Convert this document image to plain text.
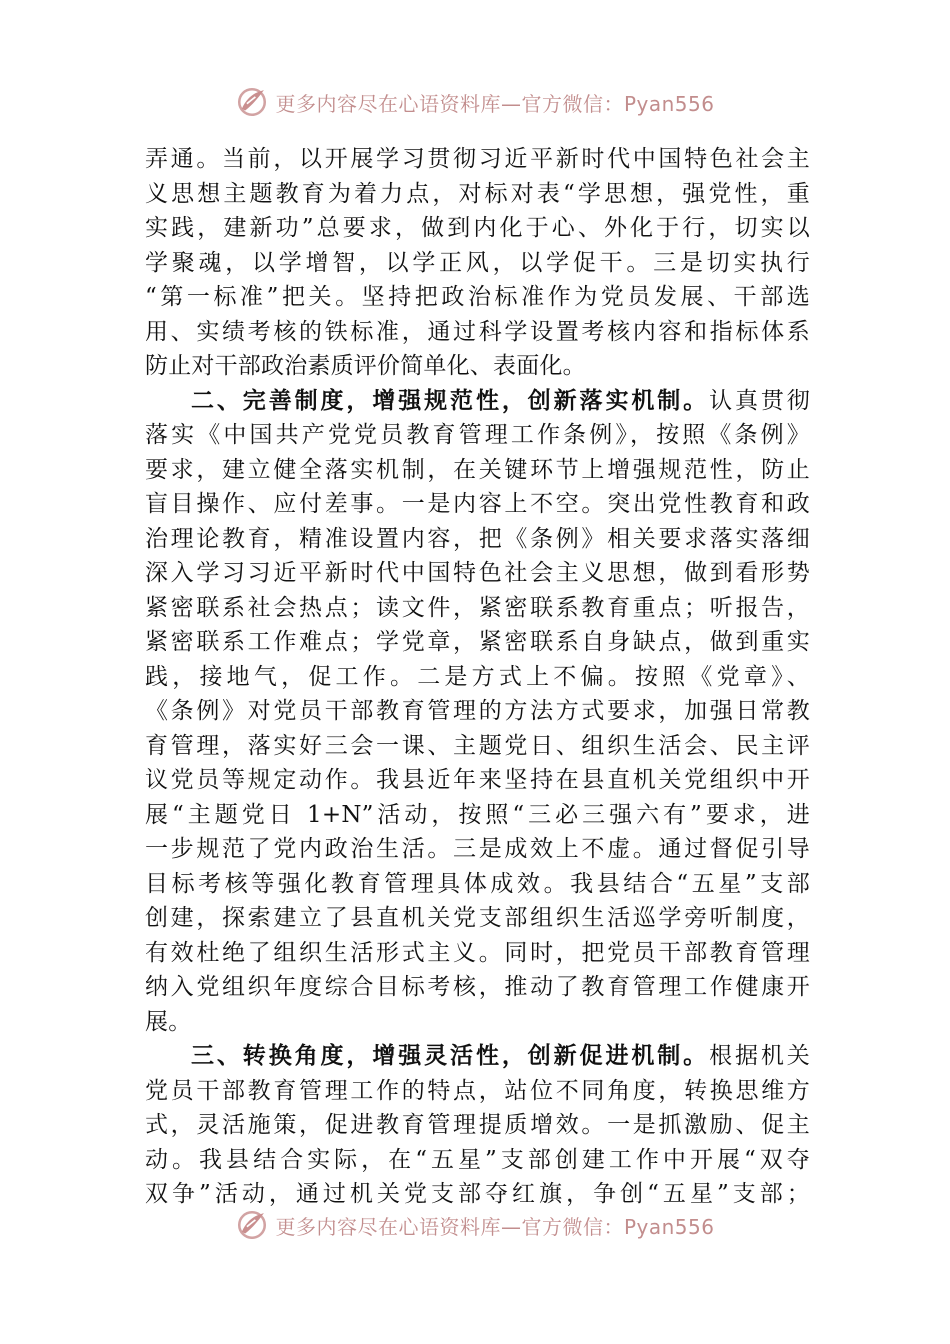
更多内容尽在心语资料库—官方微信：Pyan556
弄通。当前，以开展学习贯彻习近平新时代中国特色社会主
义思想主题教育为着力点，对标对表“学思想，强党性，重
实践，建新功”总要求，做到内化于心、外化于行，切实以
学聚魂，以学增智，以学正风，以学促干。三是切实执行
“第一标准”把关。坚持把政治标准作为党员发展、干部选
用、实绩考核的铁标准，通过科学设置考核内容和指标体系
防止对干部政治素质评价简单化、表面化。
二、完善制度，增强规范性，创新落实机制。认真贯彻
落实《中国共产党党员教育管理工作条例》，按照《条例》
要求，建立健全落实机制，在关键环节上增强规范性，防止
盲目操作、应付差事。一是内容上不空。突出党性教育和政
治理论教育，精准设置内容，把《条例》相关要求落实落细
深入学习习近平新时代中国特色社会主义思想，做到看形势
紧密联系社会热点；读文件，紧密联系教育重点；听报告，
紧密联系工作难点；学党章，紧密联系自身缺点，做到重实
践，接地气，促工作。二是方式上不偏。按照《党章》、
《条例》对党员干部教育管理的方法方式要求，加强日常教
育管理，落实好三会一课、主题党日、组织生活会、民主评
议党员等规定动作。我县近年来坚持在县直机关党组织中开
展“主题党日 1+N”活动，按照“三必三强六有”要求，进
一步规范了党内政治生活。三是成效上不虚。通过督促引导
目标考核等强化教育管理具体成效。我县结合“五星”支部
创建，探索建立了县直机关党支部组织生活巡学旁听制度，
有效杜绝了组织生活形式主义。同时，把党员干部教育管理
纳入党组织年度综合目标考核，推动了教育管理工作健康开
展。
三、转换角度，增强灵活性，创新促进机制。根据机关
党员干部教育管理工作的特点，站位不同角度，转换思维方
式，灵活施策，促进教育管理提质增效。一是抓激励、促主
动。我县结合实际，在“五星”支部创建工作中开展“双夺
双争”活动，通过机关党支部夺红旗，争创“五星”支部；
更多内容尽在心语资料库—官方微信：Pyan556
